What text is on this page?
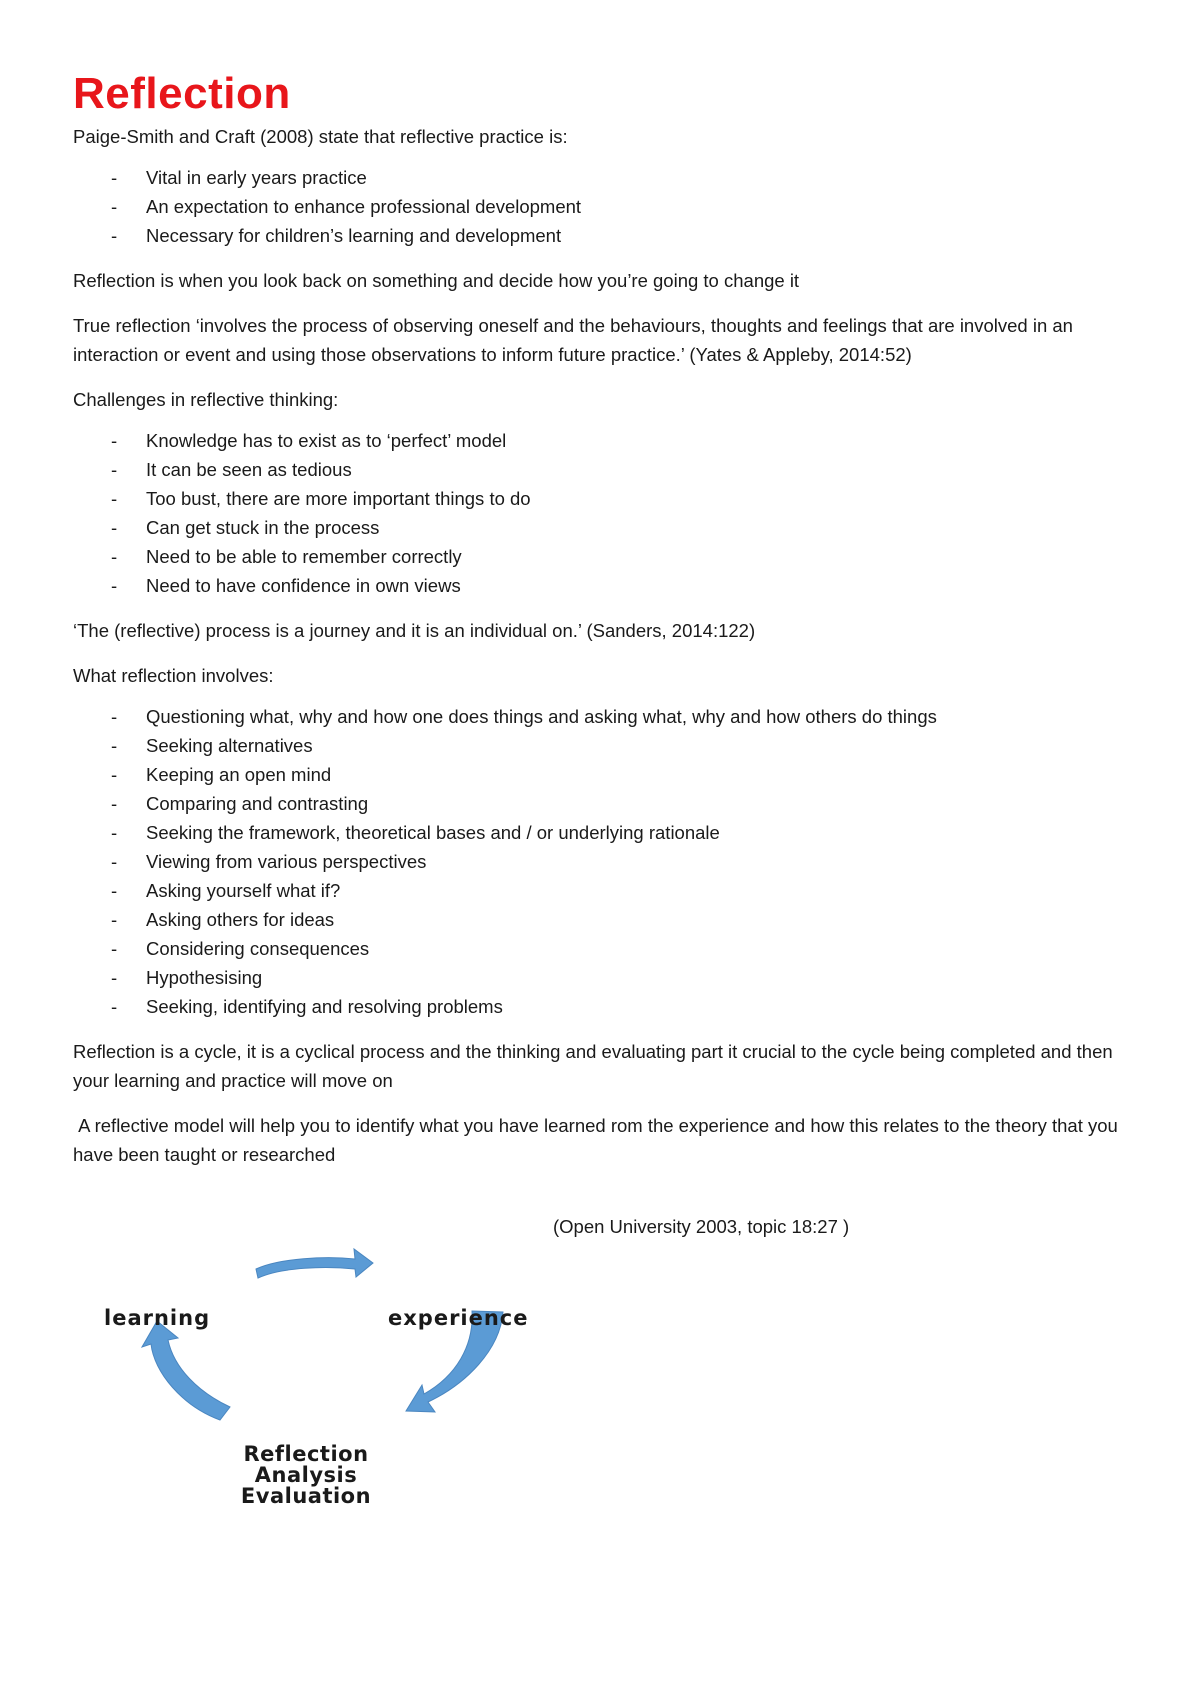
Reflection

Paige-Smith and Craft (2008) state that reflective practice is:

- Vital in early years practice
- An expectation to enhance professional development
- Necessary for children’s learning and development

Reflection is when you look back on something and decide how you’re going to change it

True reflection ‘involves the process of observing oneself and the behaviours, thoughts and feelings that are involved in an interaction or event and using those observations to inform future practice.’ (Yates & Appleby, 2014:52)

Challenges in reflective thinking:

- Knowledge has to exist as to ‘perfect’ model
- It can be seen as tedious
- Too bust, there are more important things to do
- Can get stuck in the process
- Need to be able to remember correctly
- Need to have confidence in own views

‘The (reflective) process is a journey and it is an individual on.’ (Sanders, 2014:122)

What reflection involves:

- Questioning what, why and how one does things and asking what, why and how others do things
- Seeking alternatives
- Keeping an open mind
- Comparing and contrasting
- Seeking the framework, theoretical bases and / or underlying rationale
- Viewing from various perspectives
- Asking yourself what if?
- Asking others for ideas
- Considering consequences
- Hypothesising
- Seeking, identifying and resolving problems

Reflection is a cycle, it is a cyclical process and the thinking and evaluating part it crucial to the cycle being completed and then your learning and practice will move on

A reflective model will help you to identify what you have learned rom the experience and how this relates to the theory that you have been taught or researched

(Open University 2003, topic 18:27 )
learning	experience
Reflection
Analysis
Evaluation
